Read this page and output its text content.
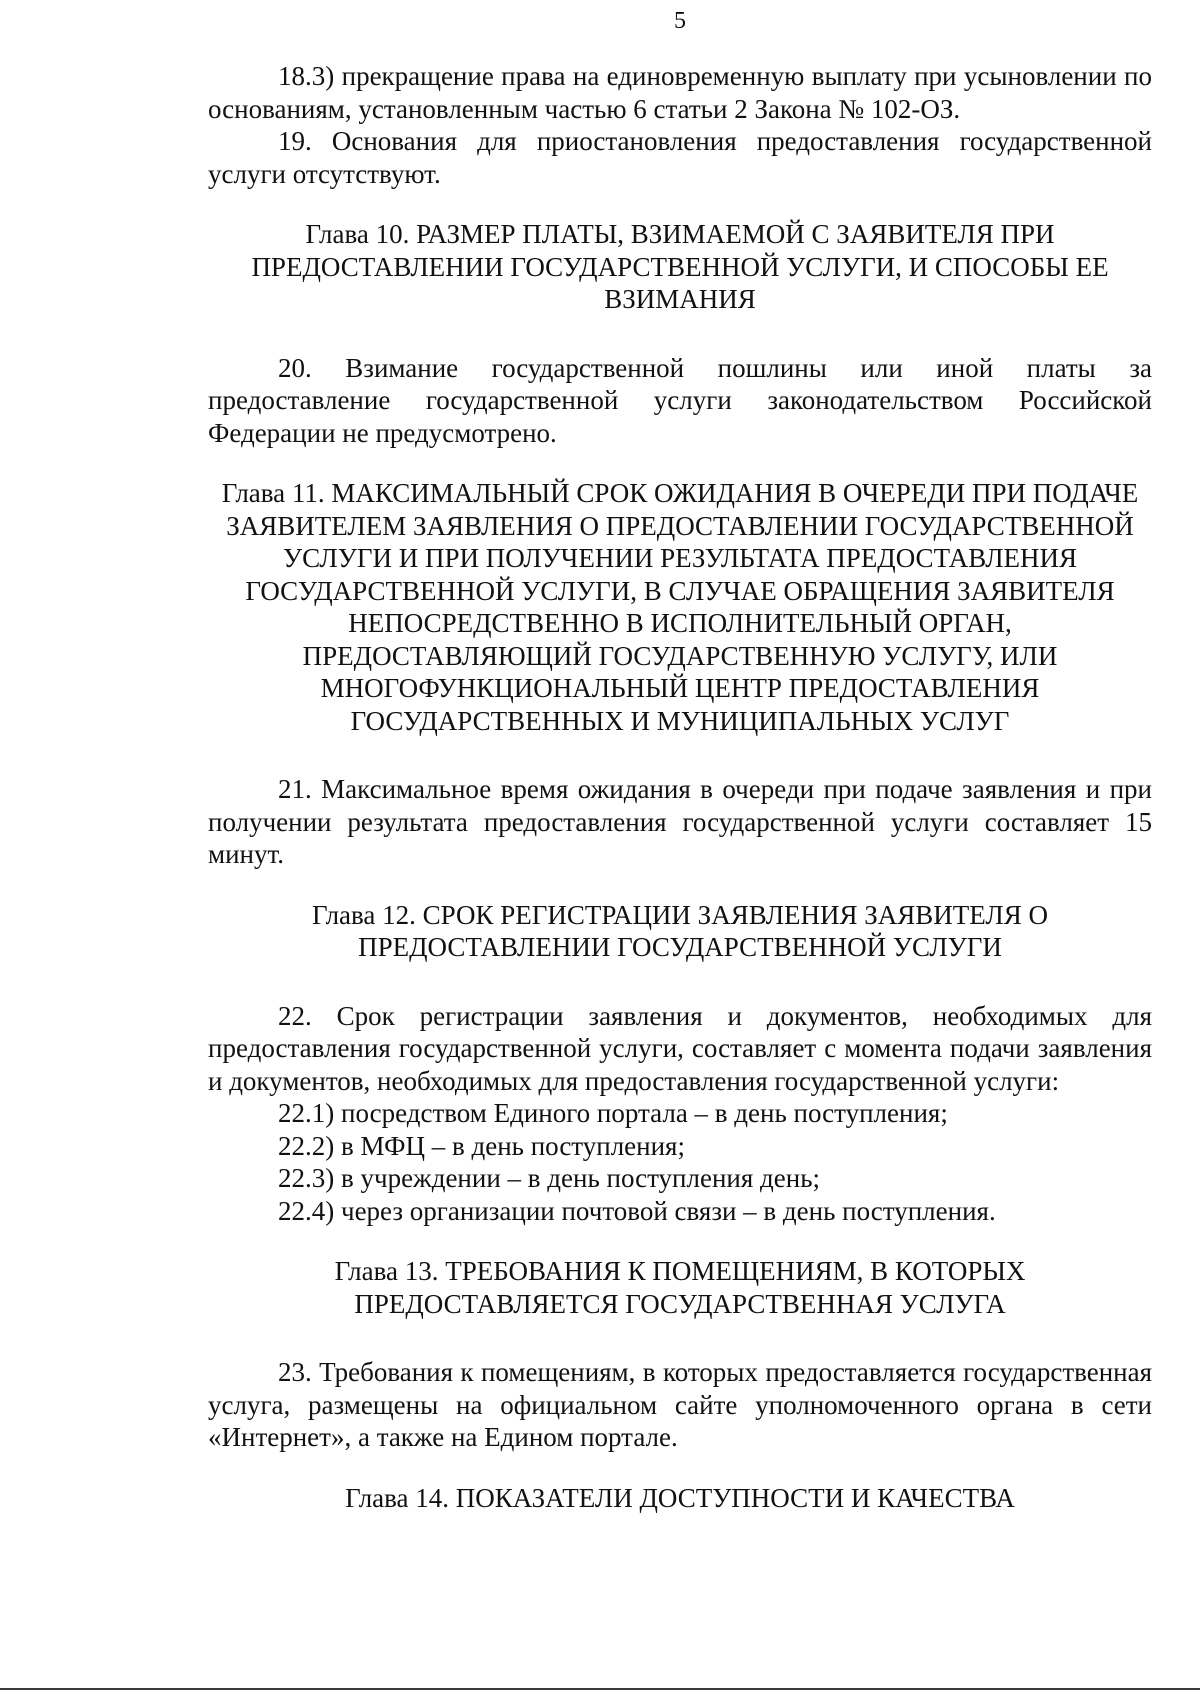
5

18.3) прекращение права на единовременную выплату при усыновлении по основаниям, установленным частью 6 статьи 2 Закона № 102-ОЗ.

19. Основания для приостановления предоставления государственной услуги отсутствуют.

Глава 10. РАЗМЕР ПЛАТЫ, ВЗИМАЕМОЙ С ЗАЯВИТЕЛЯ ПРИ ПРЕДОСТАВЛЕНИИ ГОСУДАРСТВЕННОЙ УСЛУГИ, И СПОСОБЫ ЕЕ ВЗИМАНИЯ

20. Взимание государственной пошлины или иной платы за предоставление государственной услуги законодательством Российской Федерации не предусмотрено.

Глава 11. МАКСИМАЛЬНЫЙ СРОК ОЖИДАНИЯ В ОЧЕРЕДИ ПРИ ПОДАЧЕ ЗАЯВИТЕЛЕМ ЗАЯВЛЕНИЯ О ПРЕДОСТАВЛЕНИИ ГОСУДАРСТВЕННОЙ УСЛУГИ И ПРИ ПОЛУЧЕНИИ РЕЗУЛЬТАТА ПРЕДОСТАВЛЕНИЯ ГОСУДАРСТВЕННОЙ УСЛУГИ, В СЛУЧАЕ ОБРАЩЕНИЯ ЗАЯВИТЕЛЯ НЕПОСРЕДСТВЕННО В ИСПОЛНИТЕЛЬНЫЙ ОРГАН, ПРЕДОСТАВЛЯЮЩИЙ ГОСУДАРСТВЕННУЮ УСЛУГУ, ИЛИ МНОГОФУНКЦИОНАЛЬНЫЙ ЦЕНТР ПРЕДОСТАВЛЕНИЯ ГОСУДАРСТВЕННЫХ И МУНИЦИПАЛЬНЫХ УСЛУГ

21. Максимальное время ожидания в очереди при подаче заявления и при получении результата предоставления государственной услуги составляет 15 минут.

Глава 12. СРОК РЕГИСТРАЦИИ ЗАЯВЛЕНИЯ ЗАЯВИТЕЛЯ О ПРЕДОСТАВЛЕНИИ ГОСУДАРСТВЕННОЙ УСЛУГИ

22. Срок регистрации заявления и документов, необходимых для предоставления государственной услуги, составляет с момента подачи заявления и документов, необходимых для предоставления государственной услуги:

22.1) посредством Единого портала – в день поступления;

22.2) в МФЦ – в день поступления;

22.3) в учреждении – в день поступления день;

22.4) через организации почтовой связи – в день поступления.

Глава 13. ТРЕБОВАНИЯ К ПОМЕЩЕНИЯМ, В КОТОРЫХ ПРЕДОСТАВЛЯЕТСЯ ГОСУДАРСТВЕННАЯ УСЛУГА

23. Требования к помещениям, в которых предоставляется государственная услуга, размещены на официальном сайте уполномоченного органа в сети «Интернет», а также на Едином портале.

Глава 14. ПОКАЗАТЕЛИ ДОСТУПНОСТИ И КАЧЕСТВА
